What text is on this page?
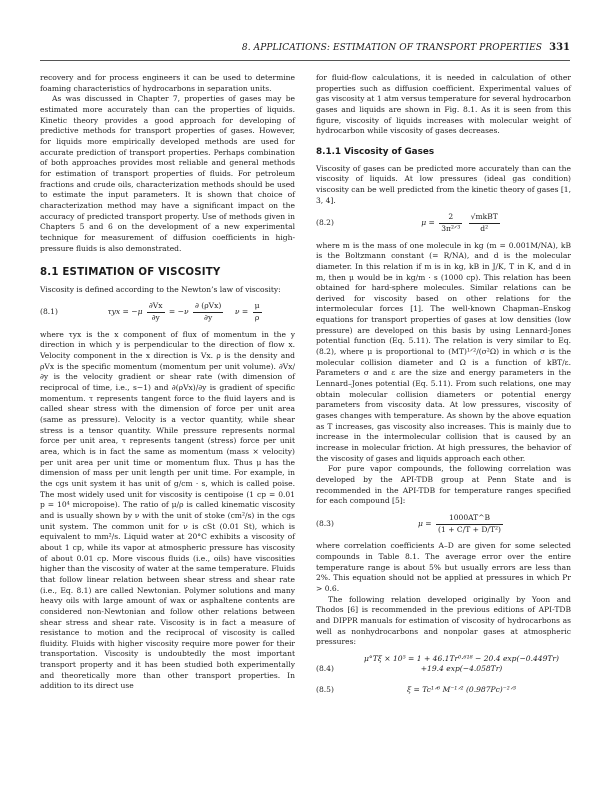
8. APPLICATIONS: ESTIMATION OF TRANSPORT PROPERTIES 331

recovery and for process engineers it can be used to determine foaming characteristics of hydrocarbons in separation units.

As was discussed in Chapter 7, properties of gases may be estimated more accurately than can the properties of liquids. Kinetic theory provides a good approach for developing of predictive methods for transport properties of gases. However, for liquids more empirically developed methods are used for accurate prediction of transport properties. Perhaps combination of both approaches provides most reliable and general methods for estimation of transport properties of fluids. For petroleum fractions and crude oils, characterization methods should be used to estimate the input parameters. It is shown that choice of characterization method may have a significant impact on the accuracy of predicted transport property. Use of methods given in Chapters 5 and 6 on the development of a new experimental technique for measurement of diffusion coefficients in high-pressure fluids is also demonstrated.

8.1 ESTIMATION OF VISCOSITY

Viscosity is defined according to the Newton’s law of viscosity:

(8.1)	$\tau yx = -\mu \frac{\partial Vx}{\partial y} = -\nu \frac{\text{∂ (ρVx)}}{\partial y}$ $\nu = \frac{\mu}{\rho}$

where τyx is the x component of flux of momentum in the y direction in which y is perpendicular to the direction of flow x. Velocity component in the x direction is Vx. ρ is the density and ρVx is the specific momentum (momentum per unit volume). ∂Vx/∂y is the velocity gradient or shear rate (with dimension of reciprocal of time, i.e., s−1) and ∂(ρVx)/∂y is gradient of specific momentum. τ represents tangent force to the fluid layers and is called shear stress with the dimension of force per unit area (same as pressure). Velocity is a vector quantity, while shear stress is a tensor quantity. While pressure represents normal force per unit area, τ represents tangent (stress) force per unit area, which is in fact the same as momentum (mass × velocity) per unit area per unit time or momentum flux. Thus μ has the dimension of mass per unit length per unit time. For example, in the cgs unit system it has unit of g/cm · s, which is called poise. The most widely used unit for viscosity is centipoise (1 cp = 0.01 p = 10⁴ micropoise). The ratio of μ/ρ is called kinematic viscosity and is usually shown by ν with the unit of stoke (cm²/s) in the cgs unit system. The common unit for ν is cSt (0.01 St), which is equivalent to mm²/s. Liquid water at 20°C exhibits a viscosity of about 1 cp, while its vapor at atmospheric pressure has viscosity of about 0.01 cp. More viscous fluids (i.e., oils) have viscosities higher than the viscosity of water at the same temperature. Fluids that follow linear relation between shear stress and shear rate (i.e., Eq. 8.1) are called Newtonian. Polymer solutions and many heavy oils with large amount of wax or asphaltene contents are considered non-Newtonian and follow other relations between shear stress and shear rate. Viscosity is in fact a measure of resistance to motion and the reciprocal of viscosity is called fluidity. Fluids with higher viscosity require more power for their transportation. Viscosity is undoubtedly the most important transport property and it has been studied both experimentally and theoretically more than other transport properties. In addition to its direct use

for fluid-flow calculations, it is needed in calculation of other properties such as diffusion coefficient. Experimental values of gas viscosity at 1 atm versus temperature for several hydrocarbon gases and liquids are shown in Fig. 8.1. As it is seen from this figure, viscosity of liquids increases with molecular weight of hydrocarbon while viscosity of gases decreases.

8.1.1 Viscosity of Gases

Viscosity of gases can be predicted more accurately than can the viscosity of liquids. At low pressures (ideal gas condition) viscosity can be well predicted from the kinetic theory of gases [1, 3, 4].

(8.2)	$\mu = \frac{2}{\text{3π²ᐟ³}}$
$\frac{\text{√mkBT}}{\text{d²}}$

where m is the mass of one molecule in kg (m = 0.001M/NA), kB is the Boltzmann constant (= R/NA), and d is the molecular diameter. In this relation if m is in kg, kB in J/K, T in K, and d in m, then μ would be in kg/m · s (1000 cp). This relation has been obtained for hard-sphere molecules. Similar relations can be derived for viscosity based on other relations for the intermolecular forces [1]. The well-known Chapman–Enskog equations for transport properties of gases at low densities (low pressure) are developed on this basis by using Lennard-Jones potential function (Eq. 5.11). The relation is very similar to Eq. (8.2), where μ is proportional to (MT)¹ᐟ²/(σ²Ω) in which σ is the molecular collision diameter and Ω is a function of kBT/ε. Parameters σ and ε are the size and energy parameters in the Lennard–Jones potential (Eq. 5.11). From such relations, one may obtain molecular collision diameters or potential energy parameters from viscosity data. At low pressures, viscosity of gases changes with temperature. As shown by the above equation as T increases, gas viscosity also increases. This is mainly due to increase in the intermolecular collision that is caused by an increase in molecular friction. At high pressures, the behavior of the viscosity of gases and liquids approach each other.

For pure vapor compounds, the following correlation was developed by the API-TDB group at Penn State and is recommended in the API-TDB for temperature ranges specified for each compound [5]:

(8.3)	$\mu = \frac{1000AT\^{}B}{\text{(1 + C/T + D/T²)}}$

where correlation coefficients A–D are given for some selected compounds in Table 8.1. The average error over the entire temperature range is about 5% but usually errors are less than 2%. This equation should not be applied at pressures in which Pr > 0.6.

The following relation developed originally by Yoon and Thodos [6] is recommended in the previous editions of API-TDB and DIPPR manuals for estimation of viscosity of hydrocarbons as well as nonhydrocarbons and nonpolar gases at atmospheric pressures:

μ°Tξ × 10⁵ = 1 + 46.1Tr⁰·⁶¹⁸ − 20.4 exp(−0.449Tr)
(8.4)	+19.4 exp(−4.058Tr)
(8.5)	ξ = Tc¹ᐟ⁶ M⁻¹ᐟ² (0.987Pc)⁻²ᐟ³
